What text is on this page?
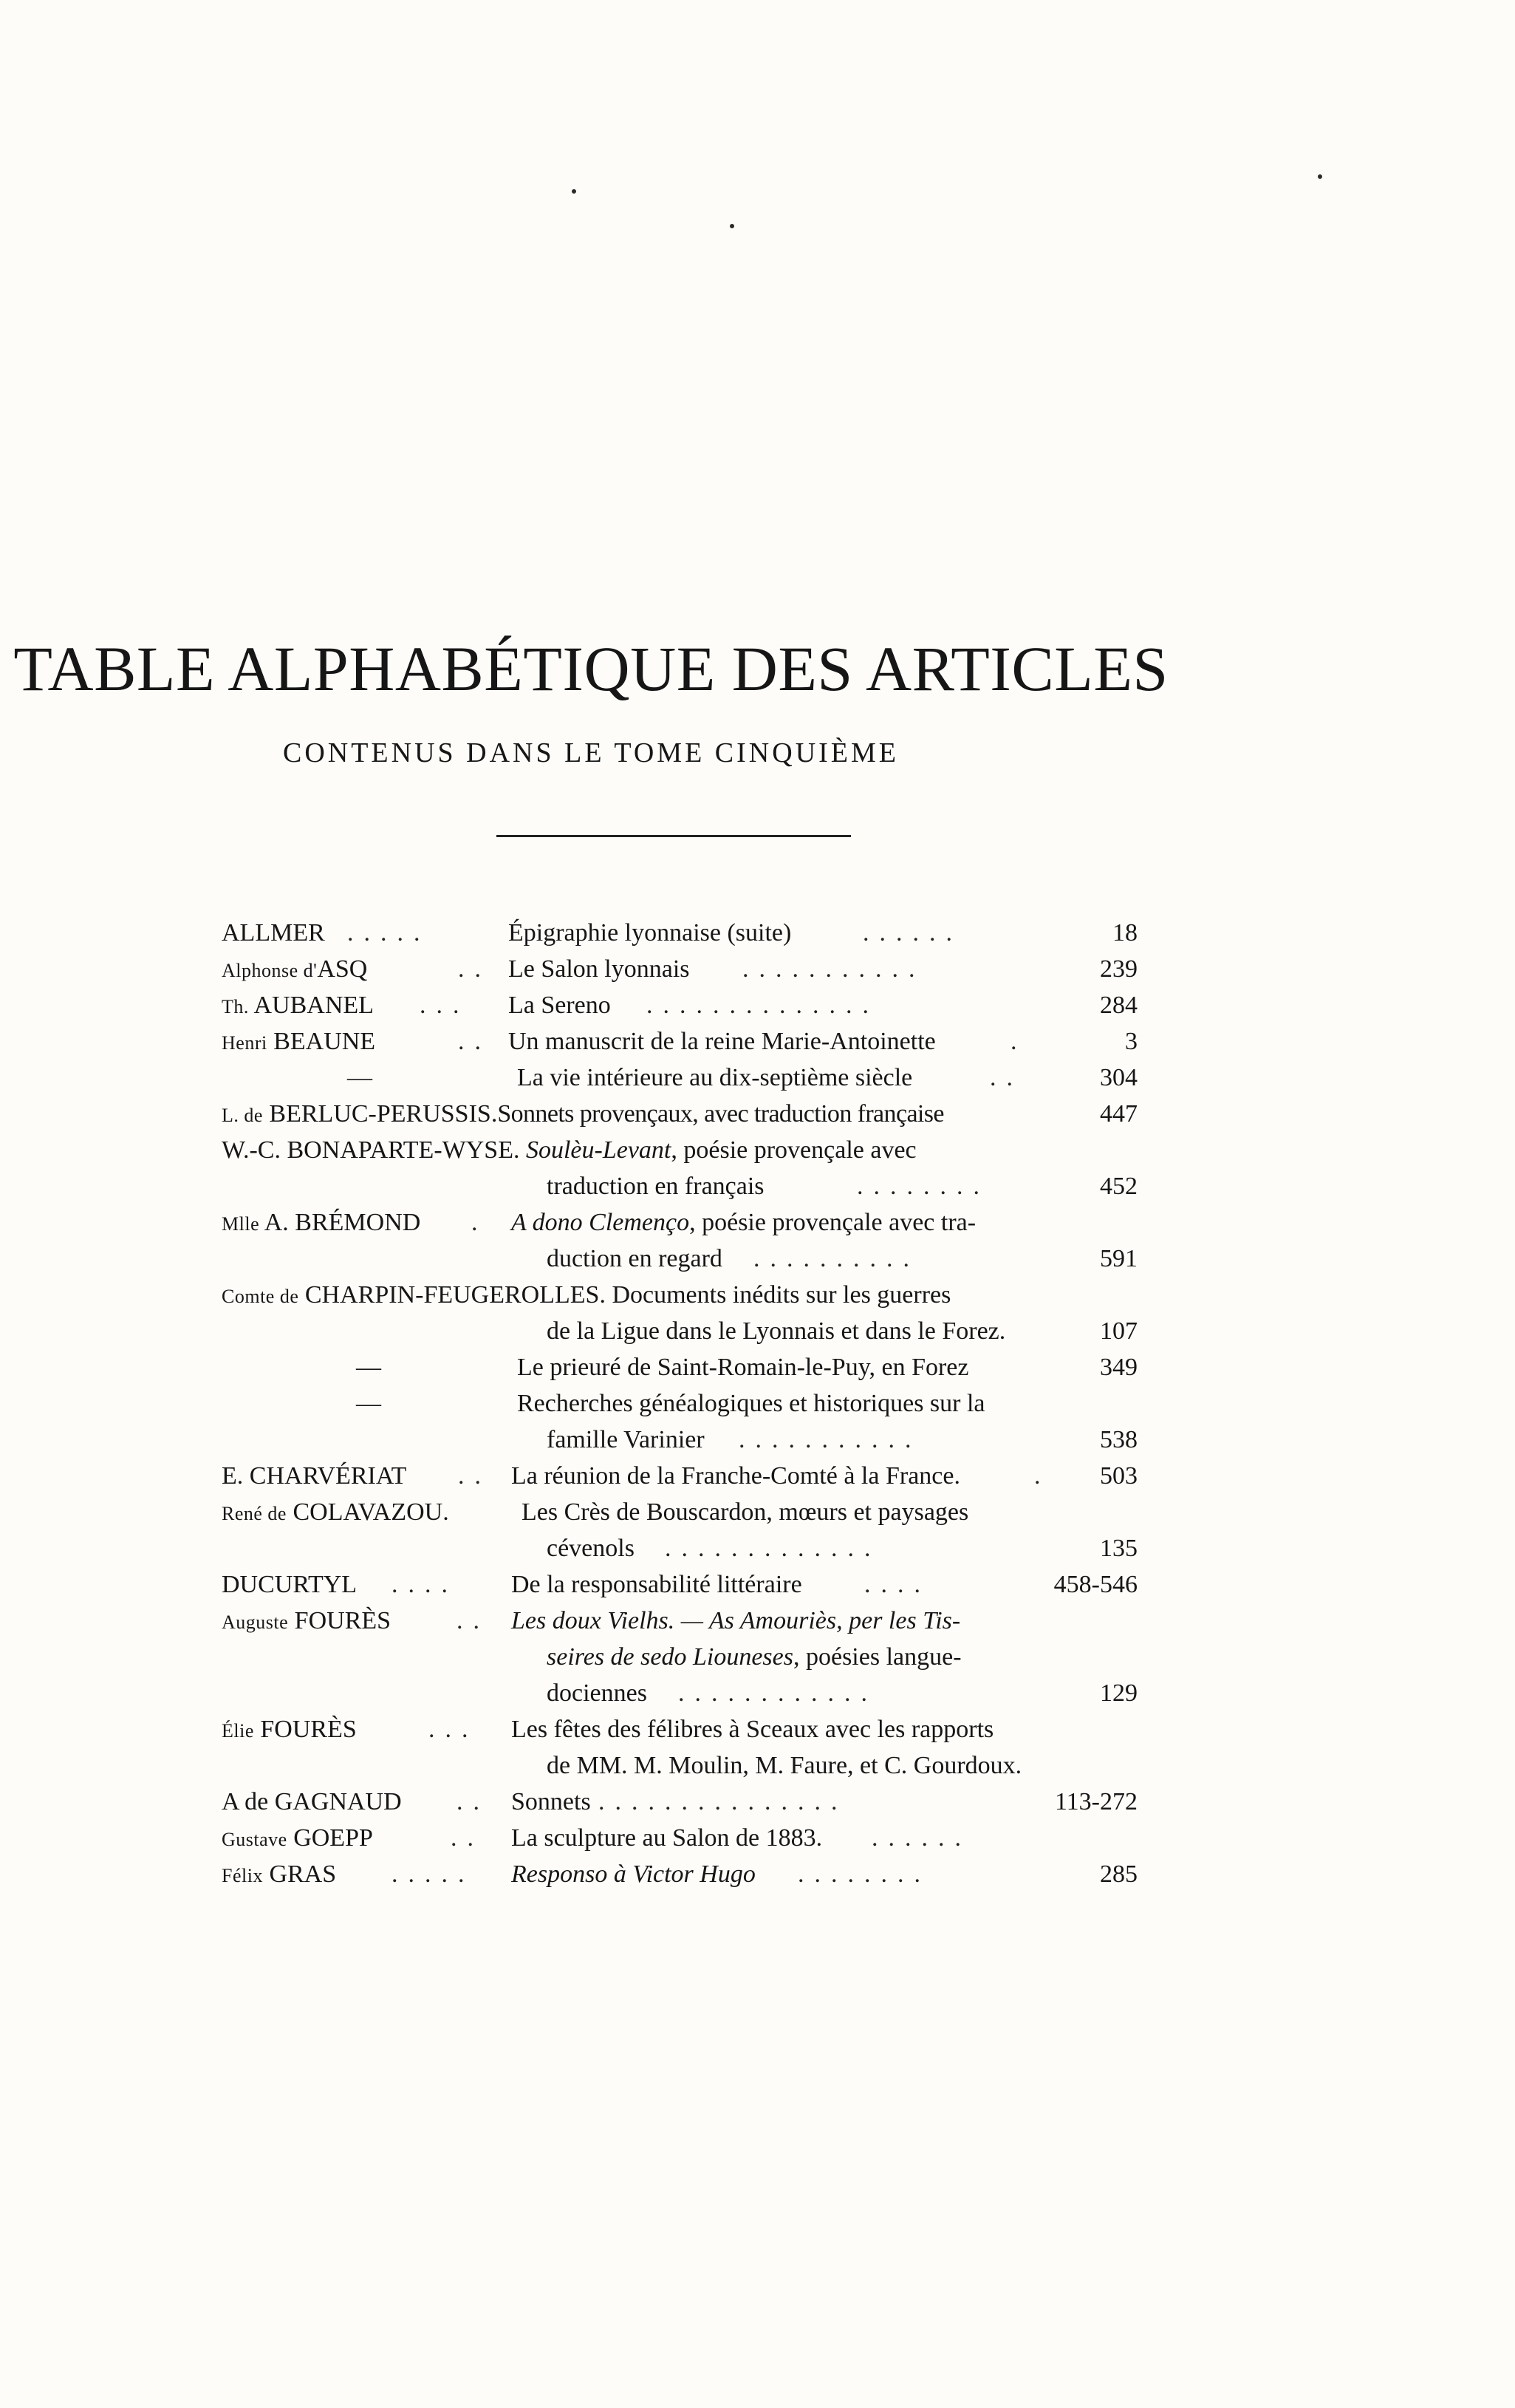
TABLE ALPHABÉTIQUE DES ARTICLES
CONTENUS DANS LE TOME CINQUIÈME
ALLMER .....	Épigraphie lyonnaise (suite)	......	18
Alphonse d'ASQ	.. Le Salon lyonnais ...........	239
Th. AUBANEL ... La Sereno ..............	284
Henri BEAUNE	.. Un manuscrit de la reine Marie-Antoinette	.	3
—	La vie intérieure au dix-septième siècle	..	304
L. de BERLUC-PERUSSIS.Sonnets provençaux, avec traduction française	447
W.-C. BONAPARTE-WYSE. Soulèu-Levant, poésie provençale avec
traduction en français	........	452
Mlle A. BRÉMOND . A dono Clemenço, poésie provençale avec tra-
duction en regard ..........	591
Comte de CHARPIN-FEUGEROLLES. Documents inédits sur les guerres
de la Ligue dans le Lyonnais et dans le Forez.	107
—	Le prieuré de Saint-Romain-le-Puy, en Forez	349
—	Recherches généalogiques et historiques sur la
famille Varinier ...........	538
E. CHARVÉRIAT .. La réunion de la Franche-Comté à la France.	. 503
René de COLAVAZOU.	Les Crès de Bouscardon, mœurs et paysages
cévenols .............	135
DUCURTYL .... De la responsabilité littéraire ....	458-546
Auguste FOURÈS	.. Les doux Vielhs. — As Amouriès, per les Tis-
seires de sedo Liouneses, poésies langue-
dociennes ............	129
Élie FOURÈS	... Les fêtes des félibres à Sceaux avec les rapports
de MM. M. Moulin, M. Faure, et C. Gourdoux.
A de GAGNAUD .. Sonnets ...............	113-272
Gustave GOEPP	.. La sculpture au Salon de 1883. ......
Félix GRAS ..... Responso à Victor Hugo ........	285
